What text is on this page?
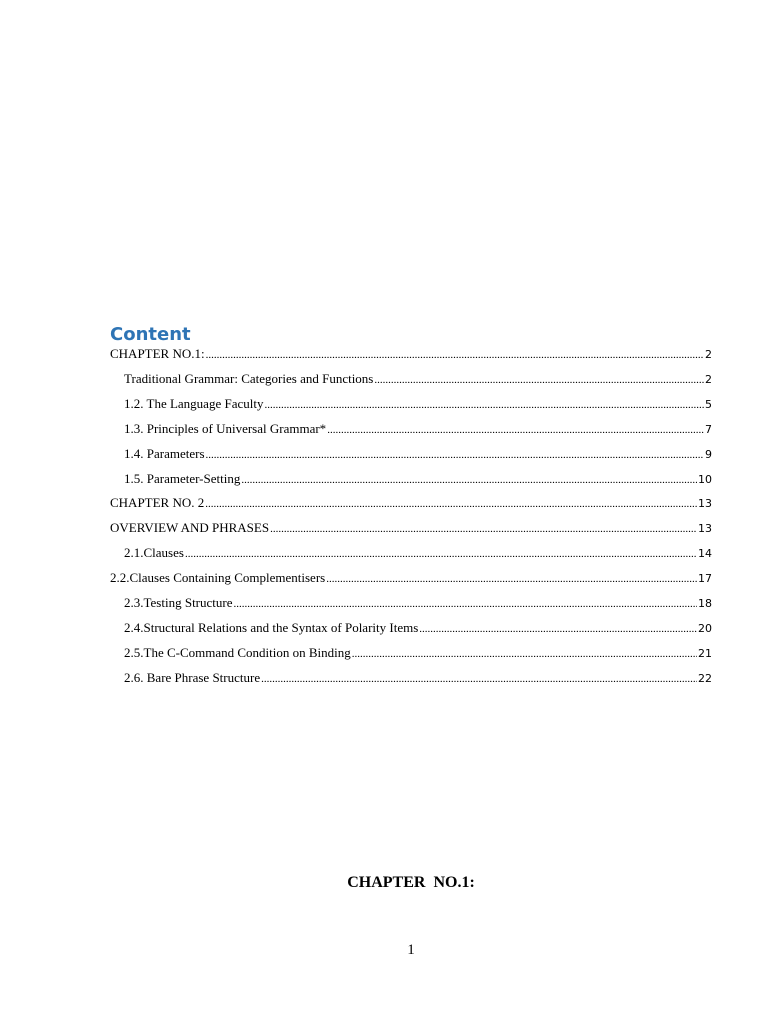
Content
CHAPTER NO.1: .....	2
Traditional Grammar: Categories and Functions .....	2
1.2. The Language Faculty .....	5
1.3. Principles of Universal Grammar* .....	7
1.4. Parameters .....	9
1.5. Parameter-Setting .....	10
CHAPTER NO. 2 .....	13
OVERVIEW AND PHRASES .....	13
2.1.Clauses .....	14
2.2.Clauses Containing Complementisers .....	17
2.3.Testing Structure .....	18
2.4.Structural Relations and the Syntax of Polarity Items .....	20
2.5.The C-Command Condition on Binding .....	21
2.6. Bare Phrase Structure .....	22
CHAPTER  NO.1:
1
